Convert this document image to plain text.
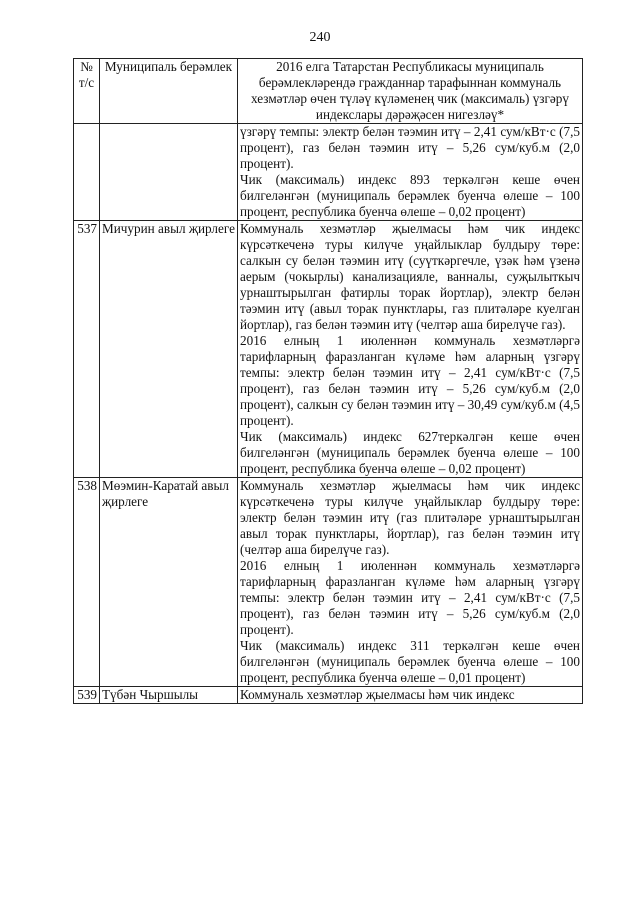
240
№ т/с	Муниципаль берәмлек	2016 елга Татарстан Республикасы муниципаль берәмлекләрендә гражданнар тарафыннан коммуналь хезмәтләр өчен түләү күләменең чик (максималь) үзгәрү индекслары дәрәҗәсен нигезләү*

		үзгәрү темпы: электр белән тәэмин итү – 2,41 сум/кВт·с (7,5 процент), газ белән тәэмин итү – 5,26 сум/куб.м (2,0 процент).

Чик (максималь) индекс 893 теркәлгән кеше өчен билгеләнгән (муниципаль берәмлек буенча өлеше – 100 процент, республика буенча өлеше – 0,02 процент)

537	Мичурин авыл җирлеге	Коммуналь хезмәтләр җыелмасы һәм чик индекс күрсәткеченә туры килүче уңайлыклар булдыру төре: салкын су белән тәэмин итү (суүткәргечле, үзәк һәм үзенә аерым (чокырлы) канализацияле, ванналы, суҗылыткыч урнаштырылган фатирлы торак йортлар), электр белән тәэмин итү (авыл торак пунктлары, газ плитәләре куелган йортлар), газ белән тәэмин итү (челтәр аша бирелүче газ).

2016 елның 1 июленнән коммуналь хезмәтләргә тарифларның фаразланган күләме һәм аларның үзгәрү темпы: электр белән тәэмин итү – 2,41 сум/кВт·с (7,5 процент), газ белән тәэмин итү – 5,26 сум/куб.м (2,0 процент), салкын су белән тәэмин итү – 30,49 сум/куб.м (4,5 процент).

Чик (максималь) индекс 627теркәлгән кеше өчен билгеләнгән (муниципаль берәмлек буенча өлеше – 100 процент, республика буенча өлеше – 0,02 процент)

538	Мөэмин-Каратай авыл җирлеге	Коммуналь хезмәтләр җыелмасы һәм чик индекс күрсәткеченә туры килүче уңайлыклар булдыру төре: электр белән тәэмин итү (газ плитәләре урнаштырылган авыл торак пунктлары, йортлар), газ белән тәэмин итү (челтәр аша бирелүче газ).

2016 елның 1 июленнән коммуналь хезмәтләргә тарифларның фаразланган күләме һәм аларның үзгәрү темпы: электр белән тәэмин итү – 2,41 сум/кВт·с (7,5 процент), газ белән тәэмин итү – 5,26 сум/куб.м (2,0 процент).

Чик (максималь) индекс 311 теркәлгән кеше өчен билгеләнгән (муниципаль берәмлек буенча өлеше – 100 процент, республика буенча өлеше – 0,01 процент)

539	Түбән Чыршылы	Коммуналь хезмәтләр җыелмасы һәм чик индекс
